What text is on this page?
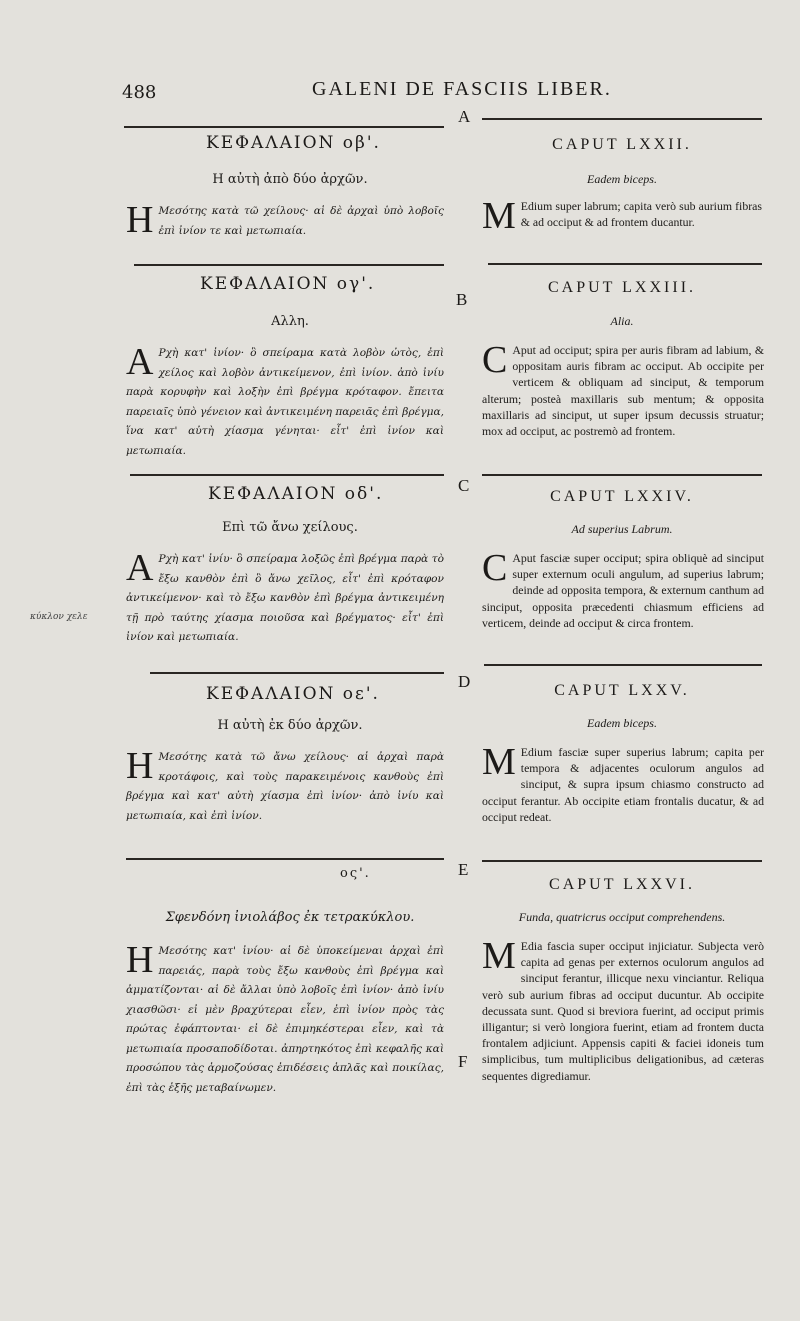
488	GALENI DE FASCIIS LIBER.
A
B
C
D
E
F
κύκλον χελε
ΚΕΦΑΛΑΙΟΝ οβ'.
Η αὐτὴ ἀπὸ δύο ἀρχῶν.
H Μεσότης κατὰ τῶ χείλους· αἱ δὲ ἀρχαὶ ὑπὸ λοβοῖς ἐπὶ ἰνίον τε καὶ μετωπιαία.
ΚΕΦΑΛΑΙΟΝ ογ'.
Αλλη.
A Ρχὴ κατ' ἰνίον· ὃ σπείραμα κατὰ λοβὸν ὠτὸς, ἐπὶ χείλος καὶ λοβὸν ἀντικείμενον, ἐπὶ ἰνίον. ἀπὸ ἰνίυ παρὰ κορυφὴν καὶ λοξὴν ἐπὶ βρέγμα κρόταφον. ἔπειτα παρειαῖς ὑπὸ γένειον καὶ ἀντικειμένη παρειᾶς ἐπὶ βρέγμα, ἵνα κατ' αὐτὴ χίασμα γένηται· εἶτ' ἐπὶ ἰνίον καὶ μετωπιαία.
ΚΕΦΑΛΑΙΟΝ οδ'.
Επὶ τῶ ἄνω χείλους.
A Ρχὴ κατ' ἰνίυ· ὃ σπείραμα λοξῶς ἐπὶ βρέγμα παρὰ τὸ ἔξω κανθὸν ἐπὶ ὃ ἄνω χεῖλος, εἶτ' ἐπὶ κρόταφον ἀντικείμενον· καὶ τὸ ἔξω κανθὸν ἐπὶ βρέγμα ἀντικειμένη τῇ πρὸ ταύτης χίασμα ποιοῦσα καὶ βρέγματος· εἶτ' ἐπὶ ἰνίον καὶ μετωπιαία.
ΚΕΦΑΛΑΙΟΝ οε'.
Η αὐτὴ ἐκ δύο ἀρχῶν.
H Μεσότης κατὰ τῶ ἄνω χείλους· αἱ ἀρχαὶ παρὰ κροτάφοις, καὶ τοὺς παρακειμένοις κανθοὺς ἐπὶ βρέγμα καὶ κατ' αὐτὴ χίασμα ἐπὶ ἰνίον· ἀπὸ ἰνίυ καὶ μετωπιαία, καὶ ἐπὶ ἰνίον.
ος'.
Σφενδόνη ἰνιολάβος ἐκ τετρακύκλου.
H Μεσότης κατ' ἰνίου· αἱ δὲ ὑποκείμεναι ἀρχαὶ ἐπὶ παρειάς, παρὰ τοὺς ἔξω κανθοὺς ἐπὶ βρέγμα καὶ ἀμματίζονται· αἱ δὲ ἄλλαι ὑπὸ λοβοῖς ἐπὶ ἰνίον· ἀπὸ ἰνίυ χιασθῶσι· εἰ μὲν βραχύτεραι εἶεν, ἐπὶ ἰνίον πρὸς τὰς πρώτας ἐφάπτονται· εἰ δὲ ἐπιμηκέστεραι εἶεν, καὶ τὰ μετωπιαία προσαποδίδοται. ἀπηρτηκότος ἐπὶ κεφαλῆς καὶ προσώπου τὰς ἁρμοζούσας ἐπιδέσεις ἁπλᾶς καὶ ποικίλας, ἐπὶ τὰς ἑξῆς μεταβαίνωμεν.
CAPUT LXXII.
Eadem biceps.
M Edium super labrum; capita verò sub aurium fibras & ad occiput & ad frontem ducantur.
CAPUT LXXIII.
Alia.
C Aput ad occiput; spira per auris fibram ad labium, & oppositam auris fibram ac occiput. Ab occipite per verticem & obliquam ad sinciput, & temporum alterum; posteà maxillaris sub mentum; & opposita maxillaris ad sinciput, ut super ipsum decussis struatur; mox ad occiput, ac postremò ad frontem.
CAPUT LXXIV.
Ad superius Labrum.
C Aput fasciæ super occiput; spira obliquè ad sinciput super externum oculi angulum, ad superius labrum; deinde ad opposita tempora, & externum canthum ad sinciput, opposita præcedenti chiasmum efficiens ad verticem, deinde ad occiput & circa frontem.
CAPUT LXXV.
Eadem biceps.
M Edium fasciæ super superius labrum; capita per tempora & adjacentes oculorum angulos ad sinciput, & supra ipsum chiasmo constructo ad occiput ferantur. Ab occipite etiam frontalis ducatur, & ad occiput redeat.
CAPUT LXXVI.
Funda, quatricrus occiput comprehendens.
M Edia fascia super occiput injiciatur. Subjecta verò capita ad genas per externos oculorum angulos ad sinciput ferantur, illicque nexu vinciantur. Reliqua verò sub aurium fibras ad occiput ducuntur. Ab occipite decussata sunt. Quod si breviora fuerint, ad occiput primis illigantur; si verò longiora fuerint, etiam ad frontem ducta frontalem adjiciunt. Appensis capiti & faciei idoneis tum simplicibus, tum multiplicibus deligationibus, ad cæteras sequentes digrediamur.
